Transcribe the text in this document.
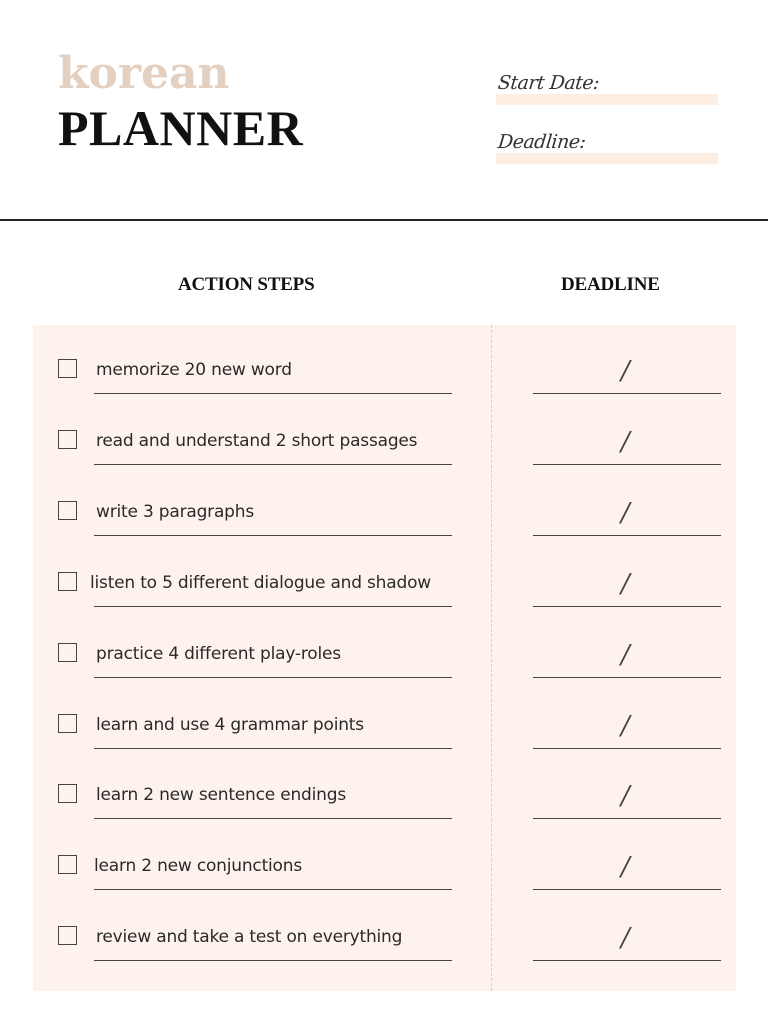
korean
PLANNER
Start Date:
Deadline:
ACTION STEPS	DEADLINE
memorize 20 new word	/
read and understand 2 short passages	/
write 3 paragraphs	/
listen to 5 different dialogue and shadow	/
practice 4 different play-roles	/
learn and use 4 grammar points	/
learn 2 new sentence endings	/
learn 2 new conjunctions	/
review and take a test on everything	/
